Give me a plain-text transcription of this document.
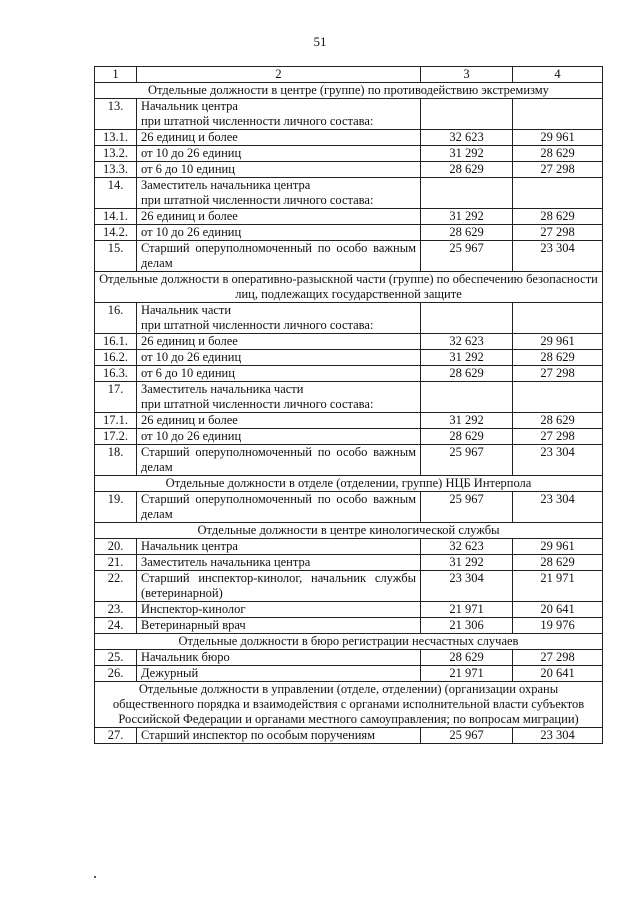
51
1	2	3	4
Отдельные должности в центре (группе) по противодействию экстремизму			
13.	Начальник центра
при штатной численности личного состава:		
13.1.	26 единиц и более	32 623	29 961
13.2.	от 10 до 26 единиц	31 292	28 629
13.3.	от 6 до 10 единиц	28 629	27 298
14.	Заместитель начальника центра
при штатной численности личного состава:		
14.1.	26 единиц и более	31 292	28 629
14.2.	от 10 до 26 единиц	28 629	27 298
15.	Старший оперуполномоченный по особо важным делам	25 967	23 304
Отдельные должности в оперативно-разыскной части (группе) по обеспечению безопасности лиц, подлежащих государственной защите			
16.	Начальник части
при штатной численности личного состава:		
16.1.	26 единиц и более	32 623	29 961
16.2.	от 10 до 26 единиц	31 292	28 629
16.3.	от 6 до 10 единиц	28 629	27 298
17.	Заместитель начальника части
при штатной численности личного состава:		
17.1.	26 единиц и более	31 292	28 629
17.2.	от 10 до 26 единиц	28 629	27 298
18.	Старший оперуполномоченный по особо важным делам	25 967	23 304
Отдельные должности в отделе (отделении, группе) НЦБ Интерпола			
19.	Старший оперуполномоченный по особо важным делам	25 967	23 304
Отдельные должности в центре кинологической службы			
20.	Начальник центра	32 623	29 961
21.	Заместитель начальника центра	31 292	28 629
22.	Старший инспектор-кинолог, начальник службы (ветеринарной)	23 304	21 971
23.	Инспектор-кинолог	21 971	20 641
24.	Ветеринарный врач	21 306	19 976
Отдельные должности в бюро регистрации несчастных случаев			
25.	Начальник бюро	28 629	27 298
26.	Дежурный	21 971	20 641
Отдельные должности в управлении (отделе, отделении) (организации охраны общественного порядка и взаимодействия с органами исполнительной власти субъектов Российской Федерации и органами местного самоуправления; по вопросам миграции)			
27.	Старший инспектор по особым поручениям	25 967	23 304
